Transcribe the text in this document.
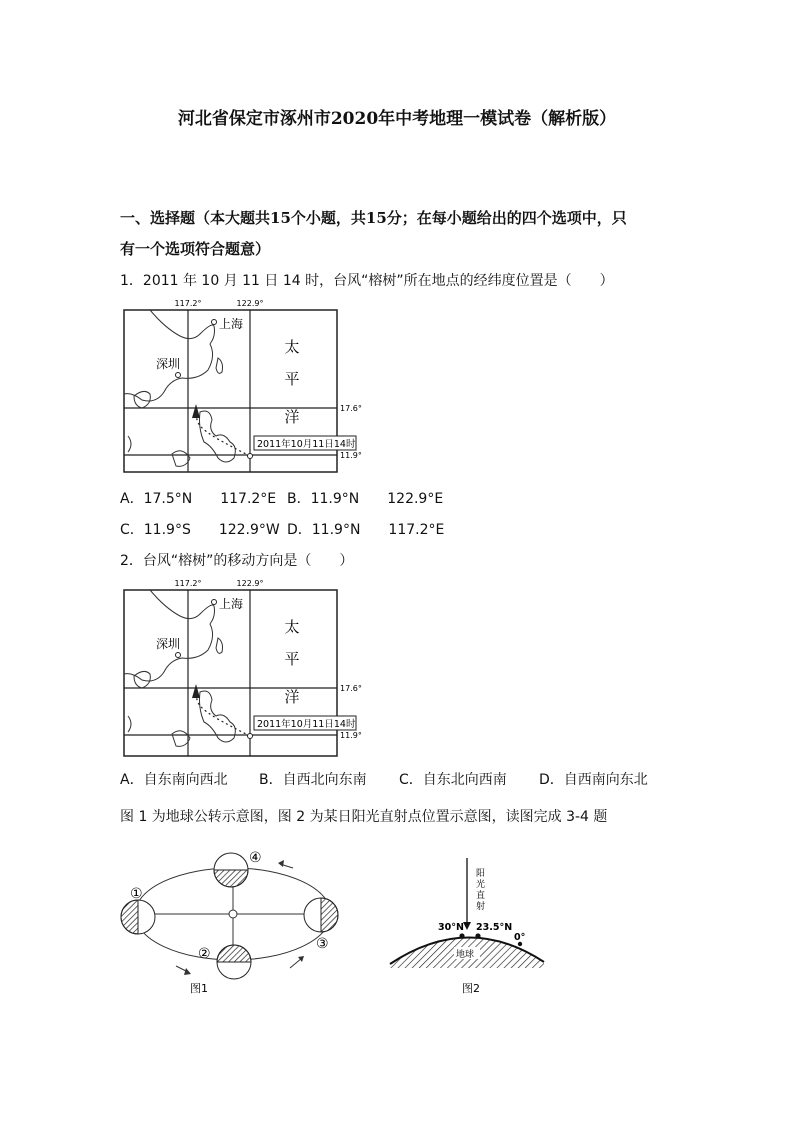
河北省保定市涿州市2020年中考地理一模试卷（解析版）
一、选择题（本大题共15个小题，共15分；在每小题给出的四个选项中，只
有一个选项符合题意）
1．2011 年 10 月 11 日 14 时，台风“榕树”所在地点的经纬度位置是（　　）
117.2°	122.9°
17.6°
11.9°
上海
深圳
太
平
洋
2011年10月11日14时
A．17.5°N　　117.2°E B．11.9°N　　122.9°E
C．11.9°S　　122.9°W D．11.9°N　　117.2°E
2．台风“榕树”的移动方向是（　　）
117.2°	122.9°
17.6°
11.9°
上海
深圳
太
平
洋
2011年10月11日14时
A．自东南向西北 B．自西北向东南 C．自东北向西南 D．自西南向东北
图 1 为地球公转示意图，图 2 为某日阳光直射点位置示意图，读图完成 3-4 题
①
②
③
④
图1
阳
光
直
射
30°N 23.5°N
0°
地球
图2
